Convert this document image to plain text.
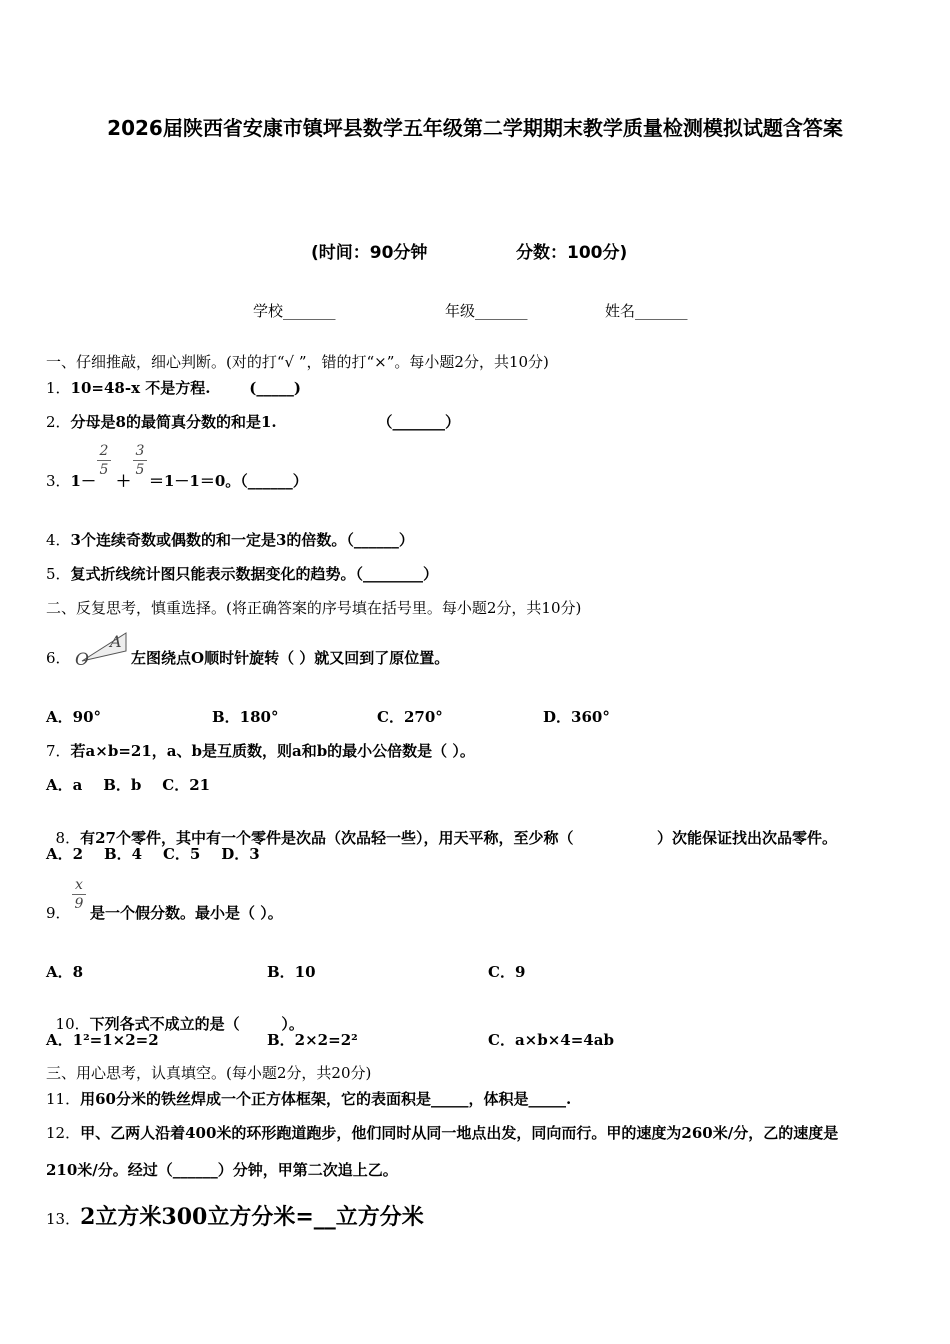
2026届陕西省安康市镇坪县数学五年级第二学期期末教学质量检测模拟试题含答案
(时间：90分钟	分数：100分)
学校_______	年级_______	姓名_______
一、仔细推敲，细心判断。(对的打“√ ”，错的打“×”。每小题2分，共10分)
1．10=48-x 不是方程.	(_____)
2．分母是8的最简真分数的和是1.	（_______）
3．1－ ＋ ＝1－1＝0。（______）
2
5
3
5
4．3个连续奇数或偶数的和一定是3的倍数。（______）
5．复式折线统计图只能表示数据变化的趋势。（________）
二、反复思考，慎重选择。(将正确答案的序号填在括号里。每小题2分，共10分)
6． O
A
左图绕点O顺时针旋转（ ）就又回到了原位置。
A．90°	B．180°	C．270°	D．360°
7．若a×b=21，a、b是互质数，则a和b的最小公倍数是（ ）。
A．a    B．b    C．21

8．有27个零件，其中有一个零件是次品（次品轻一些），用天平称，至少称（                ）次能保证找出次品零件。

A．2    B．4    C．5    D．3
9．
x
9 是一个假分数。最小是（ ）。
A．8	B．10	C．9

10．下列各式不成立的是（        ）。

A．1²=1×2=2	B．2×2=2²	C．a×b×4=4ab
三、用心思考，认真填空。(每小题2分，共20分)
11．用60分米的铁丝焊成一个正方体框架，它的表面积是_____，体积是_____.
12．甲、乙两人沿着400米的环形跑道跑步，他们同时从同一地点出发，同向而行。甲的速度为260米/分，乙的速度是
210米/分。经过（______）分钟，甲第二次追上乙。
13．2立方米300立方分米=__立方分米
